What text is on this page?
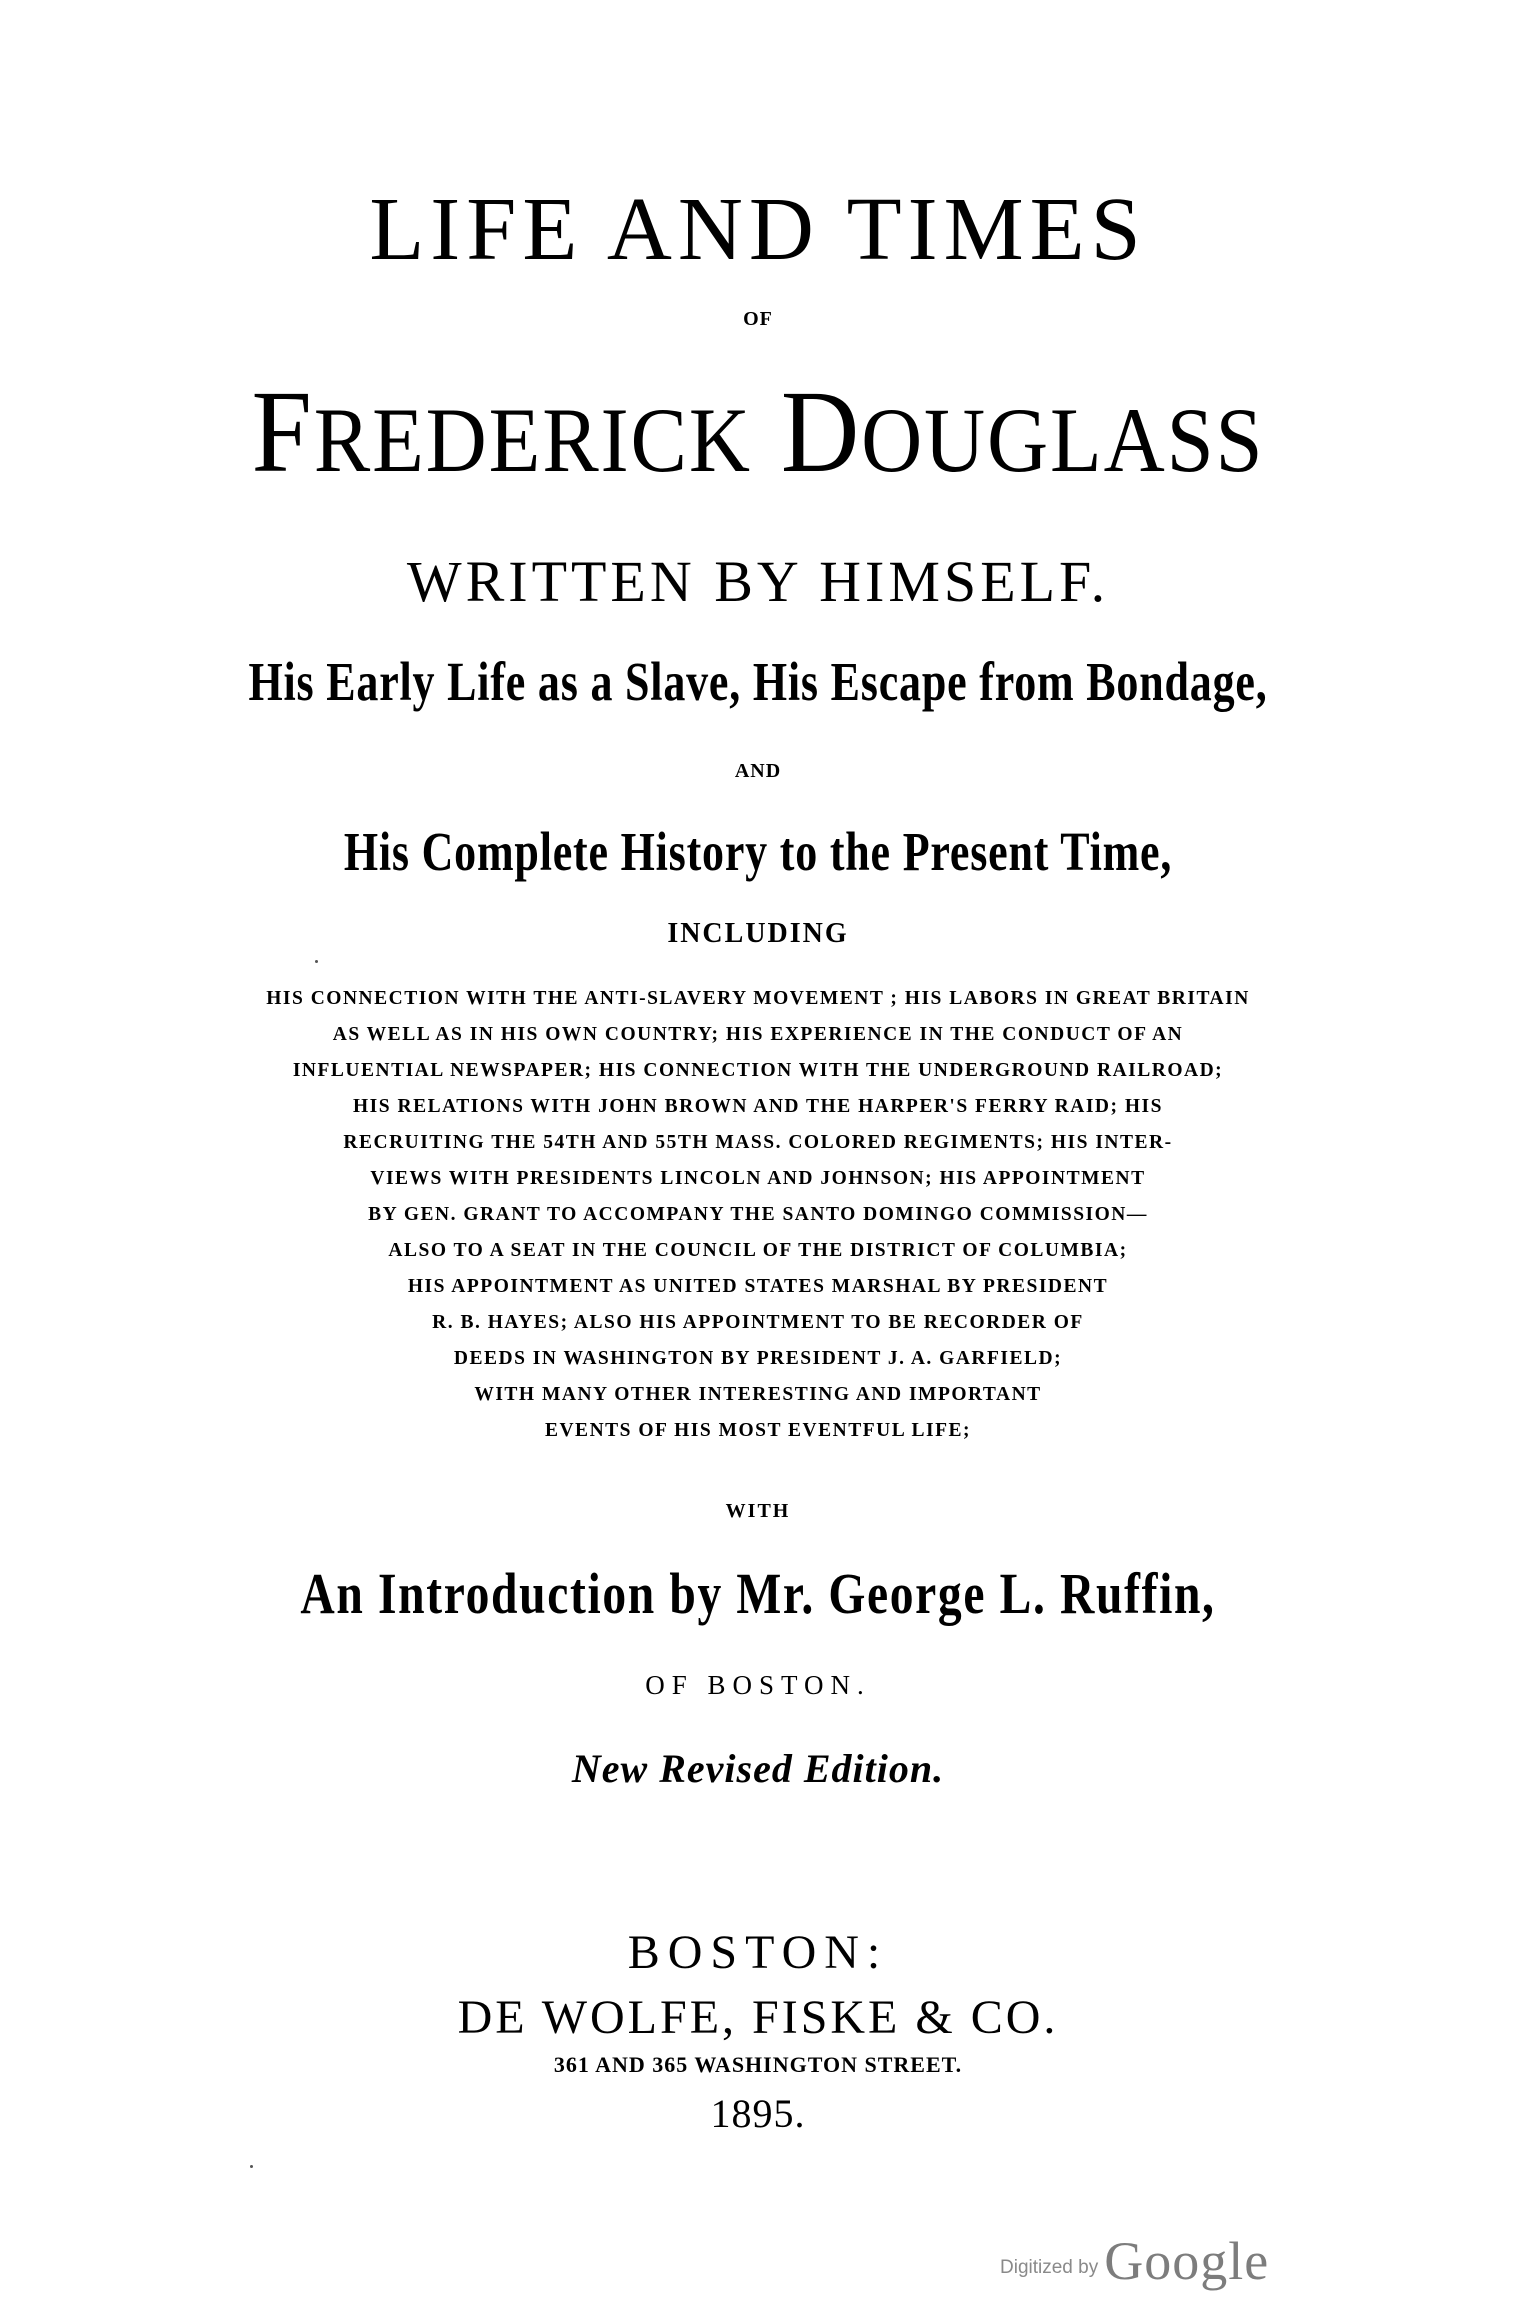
LIFE AND TIMES
OF
FREDERICK DOUGLASS
WRITTEN BY HIMSELF.
His Early Life as a Slave, His Escape from Bondage,
AND
His Complete History to the Present Time,
INCLUDING
HIS CONNECTION WITH THE ANTI-SLAVERY MOVEMENT ; HIS LABORS IN GREAT BRITAIN
AS WELL AS IN HIS OWN COUNTRY; HIS EXPERIENCE IN THE CONDUCT OF AN
INFLUENTIAL NEWSPAPER; HIS CONNECTION WITH THE UNDERGROUND RAILROAD;
HIS RELATIONS WITH JOHN BROWN AND THE HARPER'S FERRY RAID; HIS
RECRUITING THE 54TH AND 55TH MASS. COLORED REGIMENTS; HIS INTER-
VIEWS WITH PRESIDENTS LINCOLN AND JOHNSON; HIS APPOINTMENT
BY GEN. GRANT TO ACCOMPANY THE SANTO DOMINGO COMMISSION—
ALSO TO A SEAT IN THE COUNCIL OF THE DISTRICT OF COLUMBIA;
HIS APPOINTMENT AS UNITED STATES MARSHAL BY PRESIDENT
R. B. HAYES; ALSO HIS APPOINTMENT TO BE RECORDER OF
DEEDS IN WASHINGTON BY PRESIDENT J. A. GARFIELD;
WITH MANY OTHER INTERESTING AND IMPORTANT
EVENTS OF HIS MOST EVENTFUL LIFE;
WITH
An Introduction by Mr. George L. Ruffin,
OF BOSTON.
New Revised Edition.
BOSTON:
DE WOLFE, FISKE & CO.
361 AND 365 WASHINGTON STREET.
1895.
Digitized by Google
